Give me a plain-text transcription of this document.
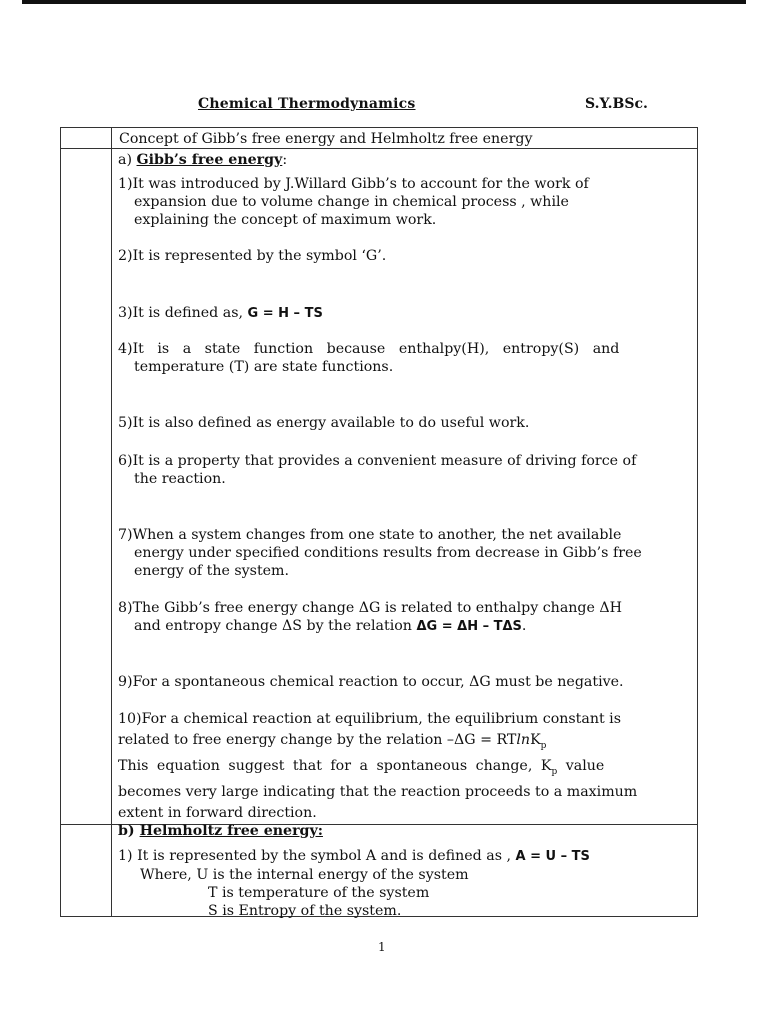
Chemical Thermodynamics	S.Y.BSc.
Concept of Gibb’s free energy and Helmholtz free energy
a) Gibb’s free energy:
1)It was introduced by J.Willard Gibb’s to account for the work of
expansion due to volume change in chemical process , while
explaining the concept of maximum work.
2)It is represented by the symbol ‘G’.
3)It is defined as, G = H – TS
4)It is a state function because enthalpy(H), entropy(S) and
temperature (T) are state functions.
5)It is also defined as energy available to do useful work.
6)It is a property that provides a convenient measure of driving force of
the reaction.
7)When a system changes from one state to another, the net available
energy under specified conditions results from decrease in Gibb’s free
energy of the system.
8)The Gibb’s free energy change ΔG is related to enthalpy change ΔH
and entropy change ΔS by the relation ΔG = ΔH – TΔS.
9)For a spontaneous chemical reaction to occur, ΔG must be negative.
10)For a chemical reaction at equilibrium, the equilibrium constant is
related to free energy change by the relation –ΔG = RTlnK$_p$
This equation suggest that for a spontaneous change, $K_p$ value
becomes very large indicating that the reaction proceeds to a maximum
extent in forward direction.
b) Helmholtz free energy:
1) It is represented by the symbol A and is defined as , A = U – TS
Where, U is the internal energy of the system
T is temperature of the system
S is Entropy of the system.
1
